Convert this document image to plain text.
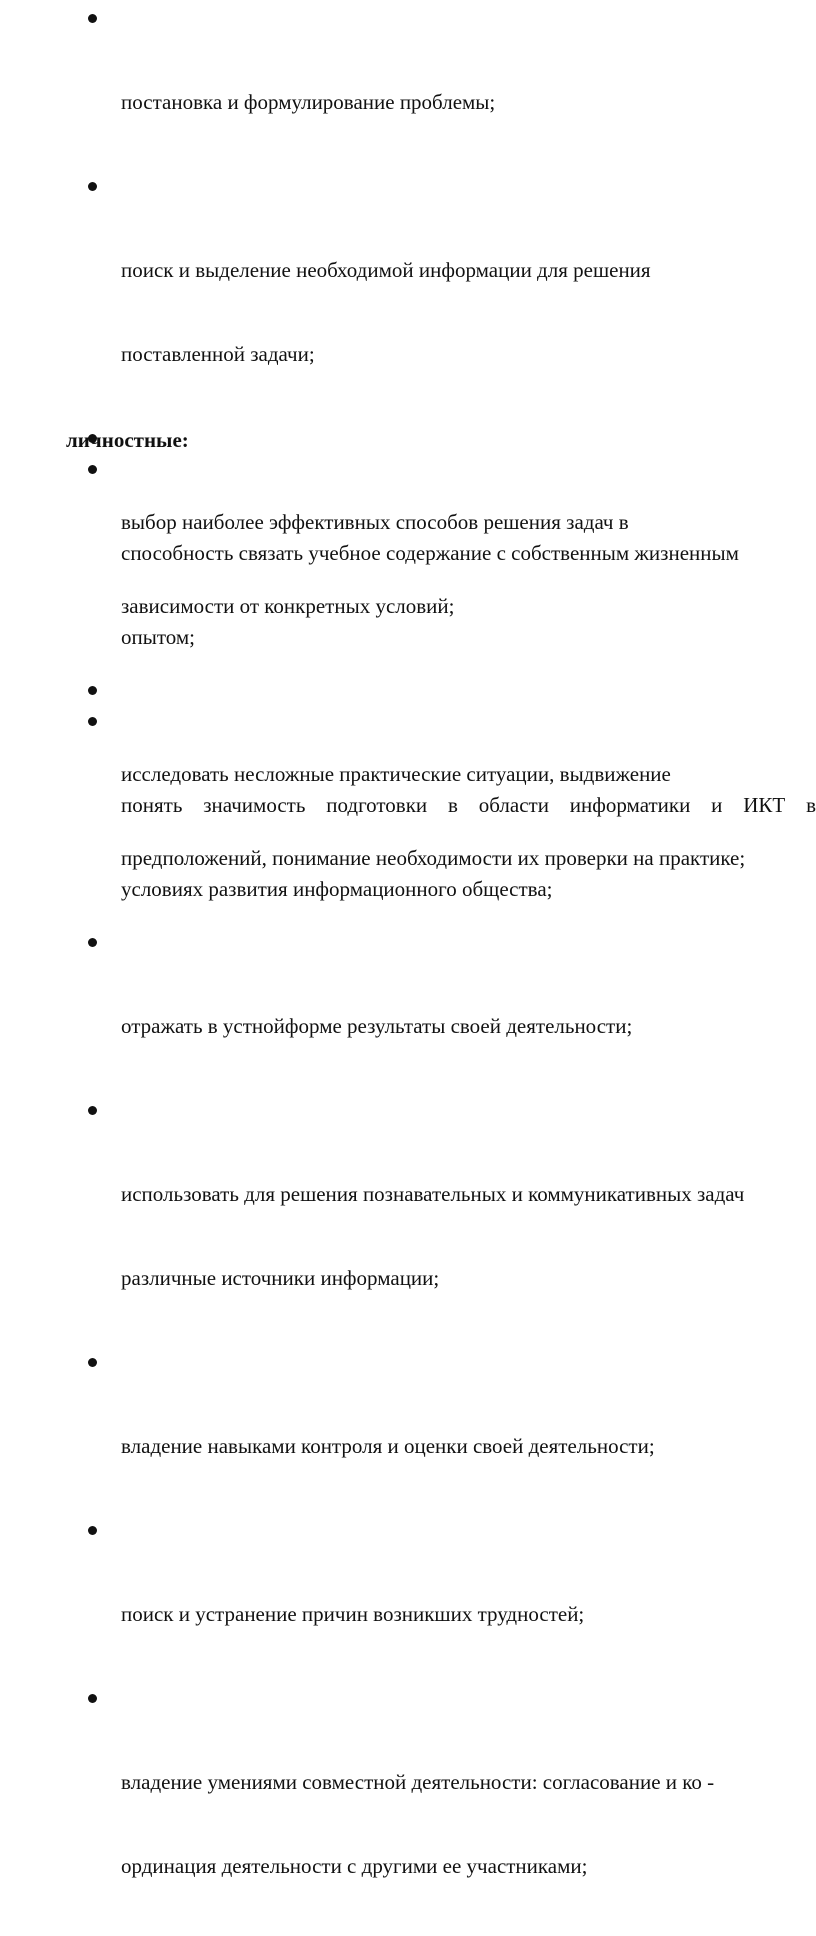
постановка и формулирование проблемы;

поиск и выделение необходимой информации для решения

поставленной задачи;

выбор наиболее эффективных способов решения задач в

зависимости от конкретных условий;

исследовать несложные практические ситуации, выдвижение

предположений, понимание необходимости их проверки на практике;

отражать в устнойформе результаты своей деятельности;

использовать для решения познавательных и коммуникативных задач

различные источники информации;

владение навыками контроля и оценки своей деятельности;

поиск и устранение причин возникших трудностей;

владение умениями совместной деятельности: согласование и ко -

ординация деятельности с другими ее участниками;

личностные:

способность связать учебное содержание с собственным жизненным

опытом;

понять значимость подготовки в области информатики и ИКТ в

условиях развития информационного общества;
